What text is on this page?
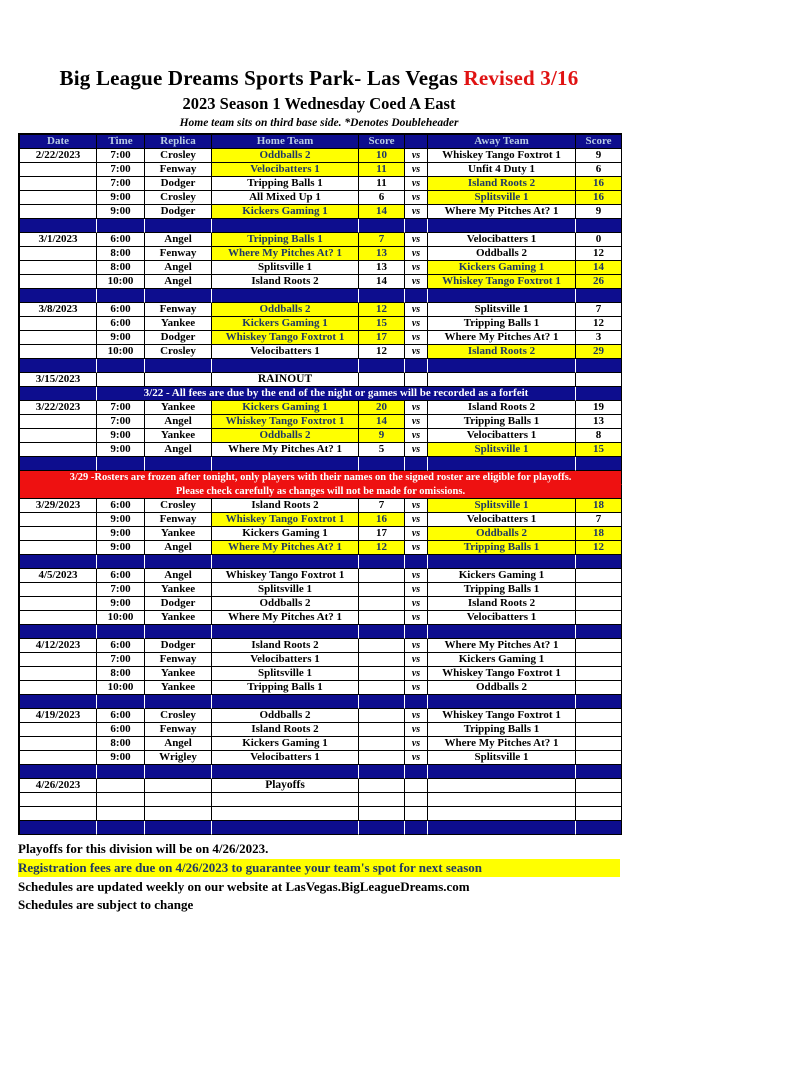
Big League Dreams Sports Park- Las Vegas Revised 3/16
2023 Season 1 Wednesday Coed A East
Home team sits on third base side. *Denotes Doubleheader
Date	Time	Replica	Home Team	Score		Away Team	Score
2/22/2023	7:00	Crosley	Oddballs 2	10	vs	Whiskey Tango Foxtrot 1	9
	7:00	Fenway	Velocibatters 1	11	vs	Unfit 4 Duty 1	6
	7:00	Dodger	Tripping Balls 1	11	vs	Island Roots 2	16
	9:00	Crosley	All Mixed Up 1	6	vs	Splitsville 1	16
	9:00	Dodger	Kickers Gaming 1	14	vs	Where My Pitches At? 1	9

3/1/2023	6:00	Angel	Tripping Balls 1	7	vs	Velocibatters 1	0
	8:00	Fenway	Where My Pitches At? 1	13	vs	Oddballs 2	12
	8:00	Angel	Splitsville 1	13	vs	Kickers Gaming 1	14
	10:00	Angel	Island Roots 2	14	vs	Whiskey Tango Foxtrot 1	26

3/8/2023	6:00	Fenway	Oddballs 2	12	vs	Splitsville 1	7
	6:00	Yankee	Kickers Gaming 1	15	vs	Tripping Balls 1	12
	9:00	Dodger	Whiskey Tango Foxtrot 1	17	vs	Where My Pitches At? 1	3
	10:00	Crosley	Velocibatters 1	12	vs	Island Roots 2	29

3/15/2023			RAINOUT				
	3/22 - All fees are due by the end of the night or games will be recorded as a forfeit						
3/22/2023	7:00	Yankee	Kickers Gaming 1	20	vs	Island Roots 2	19
	7:00	Angel	Whiskey Tango Foxtrot 1	14	vs	Tripping Balls 1	13
	9:00	Yankee	Oddballs 2	9	vs	Velocibatters 1	8
	9:00	Angel	Where My Pitches At? 1	5	vs	Splitsville 1	15

3/29 -Rosters are frozen after tonight, only players with their names on the signed roster are eligible for playoffs.							
Please check carefully as changes will not be made for omissions.							
3/29/2023	6:00	Crosley	Island Roots 2	7	vs	Splitsville 1	18
	9:00	Fenway	Whiskey Tango Foxtrot 1	16	vs	Velocibatters 1	7
	9:00	Yankee	Kickers Gaming 1	17	vs	Oddballs 2	18
	9:00	Angel	Where My Pitches At? 1	12	vs	Tripping Balls 1	12

4/5/2023	6:00	Angel	Whiskey Tango Foxtrot 1		vs	Kickers Gaming 1	
	7:00	Yankee	Splitsville 1		vs	Tripping Balls 1	
	9:00	Dodger	Oddballs 2		vs	Island Roots 2	
	10:00	Yankee	Where My Pitches At? 1		vs	Velocibatters 1	

4/12/2023	6:00	Dodger	Island Roots 2		vs	Where My Pitches At? 1	
	7:00	Fenway	Velocibatters 1		vs	Kickers Gaming 1	
	8:00	Yankee	Splitsville 1		vs	Whiskey Tango Foxtrot 1	
	10:00	Yankee	Tripping Balls 1		vs	Oddballs 2	

4/19/2023	6:00	Crosley	Oddballs 2		vs	Whiskey Tango Foxtrot 1	
	6:00	Fenway	Island Roots 2		vs	Tripping Balls 1	
	8:00	Angel	Kickers Gaming 1		vs	Where My Pitches At? 1	
	9:00	Wrigley	Velocibatters 1		vs	Splitsville 1	

4/26/2023			Playoffs				

Playoffs for this division will be on 4/26/2023.
Registration fees are due on 4/26/2023 to guarantee your team's spot for next season
Schedules are updated weekly on our website at LasVegas.BigLeagueDreams.com
Schedules are subject to change
